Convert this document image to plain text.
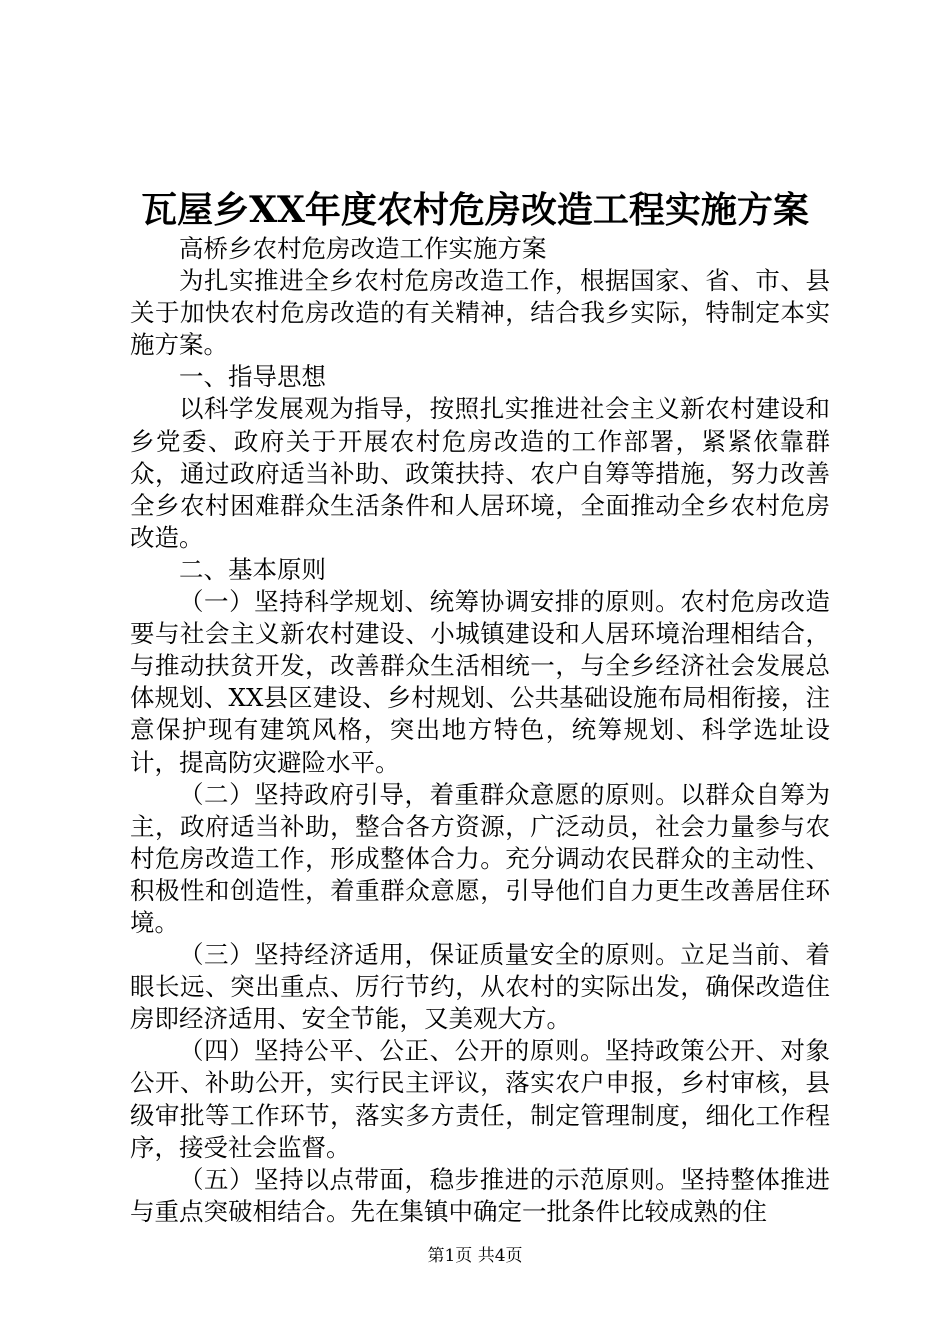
瓦屋乡XX年度农村危房改造工程实施方案

高桥乡农村危房改造工作实施方案

为扎实推进全乡农村危房改造工作，根据国家、省、市、县关于加快农村危房改造的有关精神，结合我乡实际，特制定本实施方案。

一、指导思想

以科学发展观为指导，按照扎实推进社会主义新农村建设和乡党委、政府关于开展农村危房改造的工作部署，紧紧依靠群众，通过政府适当补助、政策扶持、农户自筹等措施，努力改善全乡农村困难群众生活条件和人居环境，全面推动全乡农村危房改造。

二、基本原则

（一）坚持科学规划、统筹协调安排的原则。农村危房改造要与社会主义新农村建设、小城镇建设和人居环境治理相结合，与推动扶贫开发，改善群众生活相统一，与全乡经济社会发展总体规划、XX县区建设、乡村规划、公共基础设施布局相衔接，注意保护现有建筑风格，突出地方特色，统筹规划、科学选址设计，提高防灾避险水平。

（二）坚持政府引导，着重群众意愿的原则。以群众自筹为主，政府适当补助，整合各方资源，广泛动员，社会力量参与农村危房改造工作，形成整体合力。充分调动农民群众的主动性、积极性和创造性，着重群众意愿，引导他们自力更生改善居住环境。

（三）坚持经济适用，保证质量安全的原则。立足当前、着眼长远、突出重点、厉行节约，从农村的实际出发，确保改造住房即经济适用、安全节能，又美观大方。

（四）坚持公平、公正、公开的原则。坚持政策公开、对象公开、补助公开，实行民主评议，落实农户申报，乡村审核，县级审批等工作环节，落实多方责任，制定管理制度，细化工作程序，接受社会监督。

（五）坚持以点带面，稳步推进的示范原则。坚持整体推进与重点突破相结合。先在集镇中确定一批条件比较成熟的住

第1页 共4页
